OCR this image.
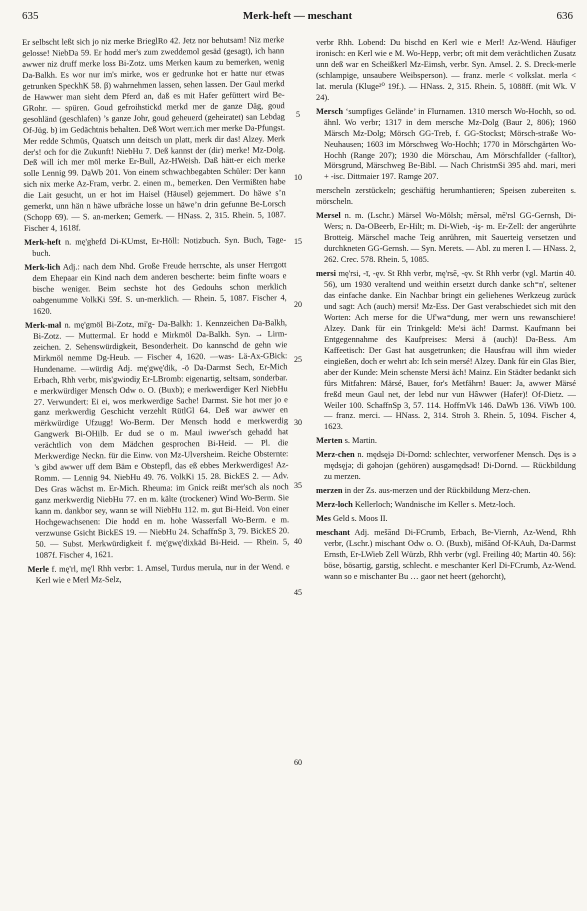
635	Merk-heft — meschant	636

Er selbscht leßt sich jo niz merke BrieglRo 42. Jetz nor behutsam! Niz merke gelosse! NiebDa 59. Er hodd mer's zum zweddemol gesäd (gesagt), ich hann awwer niz druff merke loss Bi-Zotz. ums Merken kaum zu bemerken, wenig Da-Balkh. Es wor nur im's mirke, wos er gedrunke hot er hatte nur etwas getrunken SpeckhK 58. β) wahrnehmen lassen, sehen lassen. Der Gaul merkd de Hawwer man sieht dem Pferd an, daß es mit Hafer gefüttert wird Be-GRohr. — spüren. Goud gefroihstickd merkd mer de ganze Däg, goud gesohländ (geschlafen) ’s ganze Johr, goud geheuerd (geheiratet) san Lebdag Of-Jüg. b) im Gedächtnis behalten. Deß Wort werr.ich mer merke Da-Pfungst. Mer redde Schmüs, Quatsch unn deitsch un platt, merk dir das! Alzey. Merk der's! och for die Zukunft! NiebHu 7. Deß kannst der (dir) merke! Mz-Dolg. Deß will ich mer möl merke Er-Bull, Az-HWeish. Daß hätt-er eich merke solle Lennig 99. DaWb 201. Von einem schwachbegabten Schüler: Der kann sich nix merke Az-Fram, verbr. 2. einen m., bemerken. Den Vermißten habe die Lait gesucht, un er hot im Haisel (Häusel) gejemmert. Do häwe s’n gemerkt, unn hän n häwe ufbräche losse un häwe’n drin gefunne Be-Lorsch (Schopp 69). — S. an-merken; Gemerk. — HNass. 2, 315. Rhein. 5, 1087. Fischer 4, 1618f.

Merk-heft n. mę'ghefd Di-KUmst, Er-Höll: Notizbuch. Syn. Buch, Tage-buch.

Merk-lich Adj.: nach dem Nhd. Große Freude herrschte, als unser Herrgott dem Ehepaar ein Kind nach dem anderen bescherte: beim finfte woars e bische weniger. Beim sechste hot des Gedouhs schon merklich oabgenumme VolkKi 59f. S. un-merklich. — Rhein. 5, 1087. Fischer 4, 1620.

Merk-mal n. mę'gmöl Bi-Zotz, mi'g- Da-Balkh: 1. Kennzeichen Da-Balkh, Bi-Zotz. — Muttermal. Er hodd e Mirkmöl Da-Balkh. Syn. → Lirm-zeichen. 2. Sehenswürdigkeit, Besonderheit. Do kannschd de gehn wie Mirkmöl nemme Dg-Heub. — Fischer 4, 1620. —was- Lä-Ax-GBick: Hundename. —würdig Adj. mę'gwę'dik, -ö Da-Darmst Sech, Er-Mich Erbach, Rhh verbr, mis'gwiodiχ Er-LBromb: eigenartig, seltsam, sonderbar. e merkwürdiger Mensch Odw o. O. (Buxb); e merkwerdiger Kerl NiebHu 27. Verwundert: Ei ei, wos merkwerdige Sache! Darmst. Sie hot mer jo e ganz merkwerdig Geschicht verzehlt RütlGl 64. Deß war awwer en mërkwürdige Ufzugg! Wo-Berm. Der Mensch hodd e merkwerdig Gangwerk Bi-OHilb. Er dud se o m. Maul iwwer'sch gehadd hat verächtlich von dem Mädchen gesprochen Bi-Heid. — Pl. die Merkwerdige Neckn. für die Einw. von Mz-Ulversheim. Reiche Obsternte: 's gibd awwer uff dem Bäm e Obstepfl, das eß ebbes Merkwerdiges! Az-Romm. — Lennig 94. NiebHu 49. 76. VolkKi 15. 28. BickES 2. — Adv. Des Gras wächst m. Er-Mich. Rheuma: im Gnick reißt mer'sch als noch ganz merkwerdig NiebHu 77. en m. kälte (trockener) Wind Wo-Berm. Sie kann m. dankbor sey, wann se will NiebHu 112. m. gut Bi-Heid. Von einer Hochgewachsenen: Die hodd en m. hohe Wasserfall Wo-Berm. e m. verzwunse Gsicht BickES 19. — NiebHu 24. SchaffnSp 3, 79. BickES 20. 50. — Subst. Merkwürdigkeit f. mę'gwę'dixkäd Bi-Heid. — Rhein. 5, 1087f. Fischer 4, 1621.

Merle f. mę'rl, mę'l Rhh verbr: 1. Amsel, Turdus merula, nur in der Wend. e Kerl wie e Merl Mz-Selz,

5
10
15
20
25
30
35
40
45
60

verbr Rhh. Lobend: Du bischd en Kerl wie e Merl! Az-Wend. Häufiger ironisch: en Kerl wie e M. Wo-Hepp, verbr; oft mit dem verächtlichen Zusatz unn deß war en Scheißkerl Mz-Eimsh, verbr. Syn. Amsel. 2. S. Dreck-merle (schlampige, unsaubere Weibsperson). — franz. merle < volkslat. merla < lat. merula (Kluge²⁰ 19f.). — HNass. 2, 315. Rhein. 5, 1088ff. (mit Wk. V 24).

Mersch ‘sumpfiges Gelände’ in Flurnamen. 1310 mersch Wo-Hochh, so od. ähnl. Wo verbr; 1317 in dem mersche Mz-Dolg (Baur 2, 806); 1960 Märsch Mz-Dolg; Mörsch GG-Treb, f. GG-Stockst; Mörsch-straße Wo-Neuhausen; 1603 im Mörschweg Wo-Hochh; 1770 in Mörschgärten Wo-Hochh (Range 207); 1930 die Mörschau, Am Mörschfallder (-falltor), Mörsgrund, Märschweg Be-Bibl. — Nach ChristmSi 395 ahd. mari, meri + -isc. Dittmaier 197. Ramge 207.

merscheln zerstückeln; geschäftig herumhantieren; Speisen zubereiten s. mörscheln.

Mersel n. m. (Lschr.) Märsel Wo-Mölsh; mērsəl, mē'rsl GG-Gernsh, Di-Wers; n. Da-OBeerb, Er-Hilt; m. Di-Wieb, -iş- m. Er-Zell: der angerührte Brotteig. Märschel mache Teig anrühren, mit Sauerteig versetzen und durchkneten GG-Gernsh. — Syn. Merets. — Abl. zu meren I. — HNass. 2, 262. Crec. 578. Rhein. 5, 1085.

mersi mę'rsi, -ī, -ęv. St Rhh verbr, mę'rsē, -ęv. St Rhh verbr (vgl. Martin 40. 56), um 1930 veraltend und weithin ersetzt durch danke sch⁼n', seltener das einfache danke. Ein Nachbar bringt ein geliehenes Werkzeug zurück und sagt: Ach (auch) mersi! Mz-Ess. Der Gast verabschiedet sich mit den Worten: Ach merse for die Uf'wa⁼dung, mer wern uns rewanschiere! Alzey. Dank für ein Trinkgeld: Me'si äch! Darmst. Kaufmann bei Entgegennahme des Kaufpreises: Mersi ä (auch)! Da-Bess. Am Kaffeetisch: Der Gast hat ausgetrunken; die Hausfrau will ihm wieder eingießen, doch er wehrt ab: Ich sein mersé! Alzey. Dank für ein Glas Bier, aber der Kunde: Mein schenste Mersi äch! Mainz. Ein Städter bedankt sich fürs Mitfahren: Märsé, Bauer, for's Metfährn! Bauer: Ja, awwer Märsé freßd meun Gaul net, der lebd nur vun Hâwwer (Hafer)! Of-Dietz. — Weiler 100. SchaffnSp 3, 57. 114. HoffmVk 146. DaWb 136. ViWb 100. — franz. merci. — HNass. 2, 314. Stroh 3. Rhein. 5, 1094. Fischer 4, 1623.

Merten s. Martin.

Merz-chen n. mędsęjə Di-Dornd: schlechter, verworfener Mensch. Dęs is ə mędsęjə; di gəhojən (gehören) ausgəmędsəd! Di-Dornd. — Rückbildung zu merzen.

merzen in der Zs. aus-merzen und der Rückbildung Merz-chen.

Merz-loch Kellerloch; Wandnische im Keller s. Metz-loch.

Mes Geld s. Moos II.

meschant Adj. mešānd Di-FCrumb, Erbach, Be-Viernh, Az-Wend, Rhh verbr, (Lschr.) mischant Odw o. O. (Buxb), mišānd Of-KAuh, Da-Darmst Ernsth, Er-LWieb Zell Würzb, Rhh verbr (vgl. Freiling 40; Martin 40. 56): böse, bösartig, garstig, schlecht. e meschanter Kerl Di-FCrumb, Az-Wend. wann so e mischanter Bu … gaor net heert (gehorcht),
